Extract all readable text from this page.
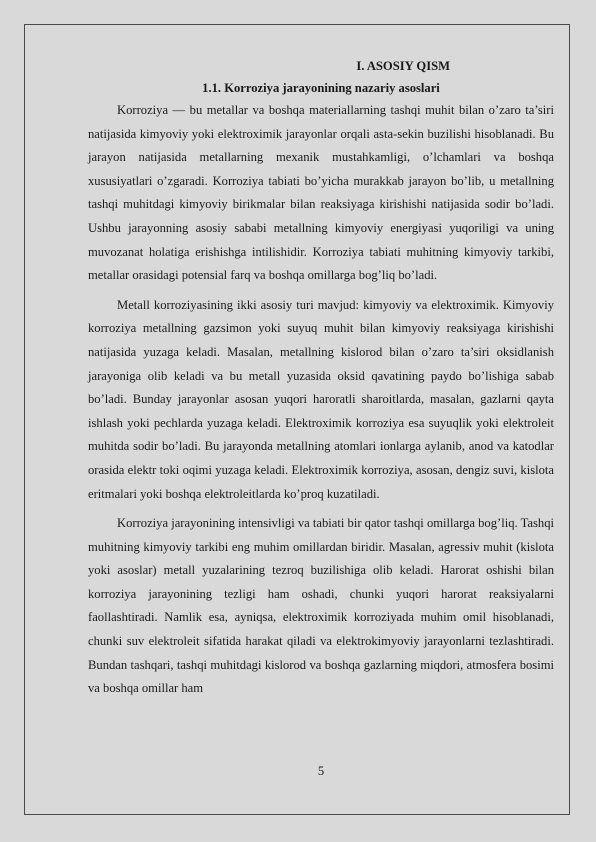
I. ASOSIY QISM

1.1. Korroziya jarayonining nazariy asoslari

Korroziya — bu metallar va boshqa materiallarning tashqi muhit bilan o’zaro ta’siri natijasida kimyoviy yoki elektroximik jarayonlar orqali asta-sekin buzilishi hisoblanadi. Bu jarayon natijasida metallarning mexanik mustahkamligi, o’lchamlari va boshqa xususiyatlari o’zgaradi. Korroziya tabiati bo’yicha murakkab jarayon bo’lib, u metallning tashqi muhitdagi kimyoviy birikmalar bilan reaksiyaga kirishishi natijasida sodir bo’ladi. Ushbu jarayonning asosiy sababi metallning kimyoviy energiyasi yuqoriligi va uning muvozanat holatiga erishishga intilishidir. Korroziya tabiati muhitning kimyoviy tarkibi, metallar orasidagi potensial farq va boshqa omillarga bog’liq bo’ladi.

Metall korroziyasining ikki asosiy turi mavjud: kimyoviy va elektroximik. Kimyoviy korroziya metallning gazsimon yoki suyuq muhit bilan kimyoviy reaksiyaga kirishishi natijasida yuzaga keladi. Masalan, metallning kislorod bilan o’zaro ta’siri oksidlanish jarayoniga olib keladi va bu metall yuzasida oksid qavatining paydo bo’lishiga sabab bo’ladi. Bunday jarayonlar asosan yuqori haroratli sharoitlarda, masalan, gazlarni qayta ishlash yoki pechlarda yuzaga keladi. Elektroximik korroziya esa suyuqlik yoki elektroleit muhitda sodir bo’ladi. Bu jarayonda metallning atomlari ionlarga aylanib, anod va katodlar orasida elektr toki oqimi yuzaga keladi. Elektroximik korroziya, asosan, dengiz suvi, kislota eritmalari yoki boshqa elektroleitlarda ko’proq kuzatiladi.

Korroziya jarayonining intensivligi va tabiati bir qator tashqi omillarga bog’liq. Tashqi muhitning kimyoviy tarkibi eng muhim omillardan biridir. Masalan, agressiv muhit (kislota yoki asoslar) metall yuzalarining tezroq buzilishiga olib keladi. Harorat oshishi bilan korroziya jarayonining tezligi ham oshadi, chunki yuqori harorat reaksiyalarni faollashtiradi. Namlik esa, ayniqsa, elektroximik korroziyada muhim omil hisoblanadi, chunki suv elektroleit sifatida harakat qiladi va elektrokimyoviy jarayonlarni tezlashtiradi. Bundan tashqari, tashqi muhitdagi kislorod va boshqa gazlarning miqdori, atmosfera bosimi va boshqa omillar ham

5
